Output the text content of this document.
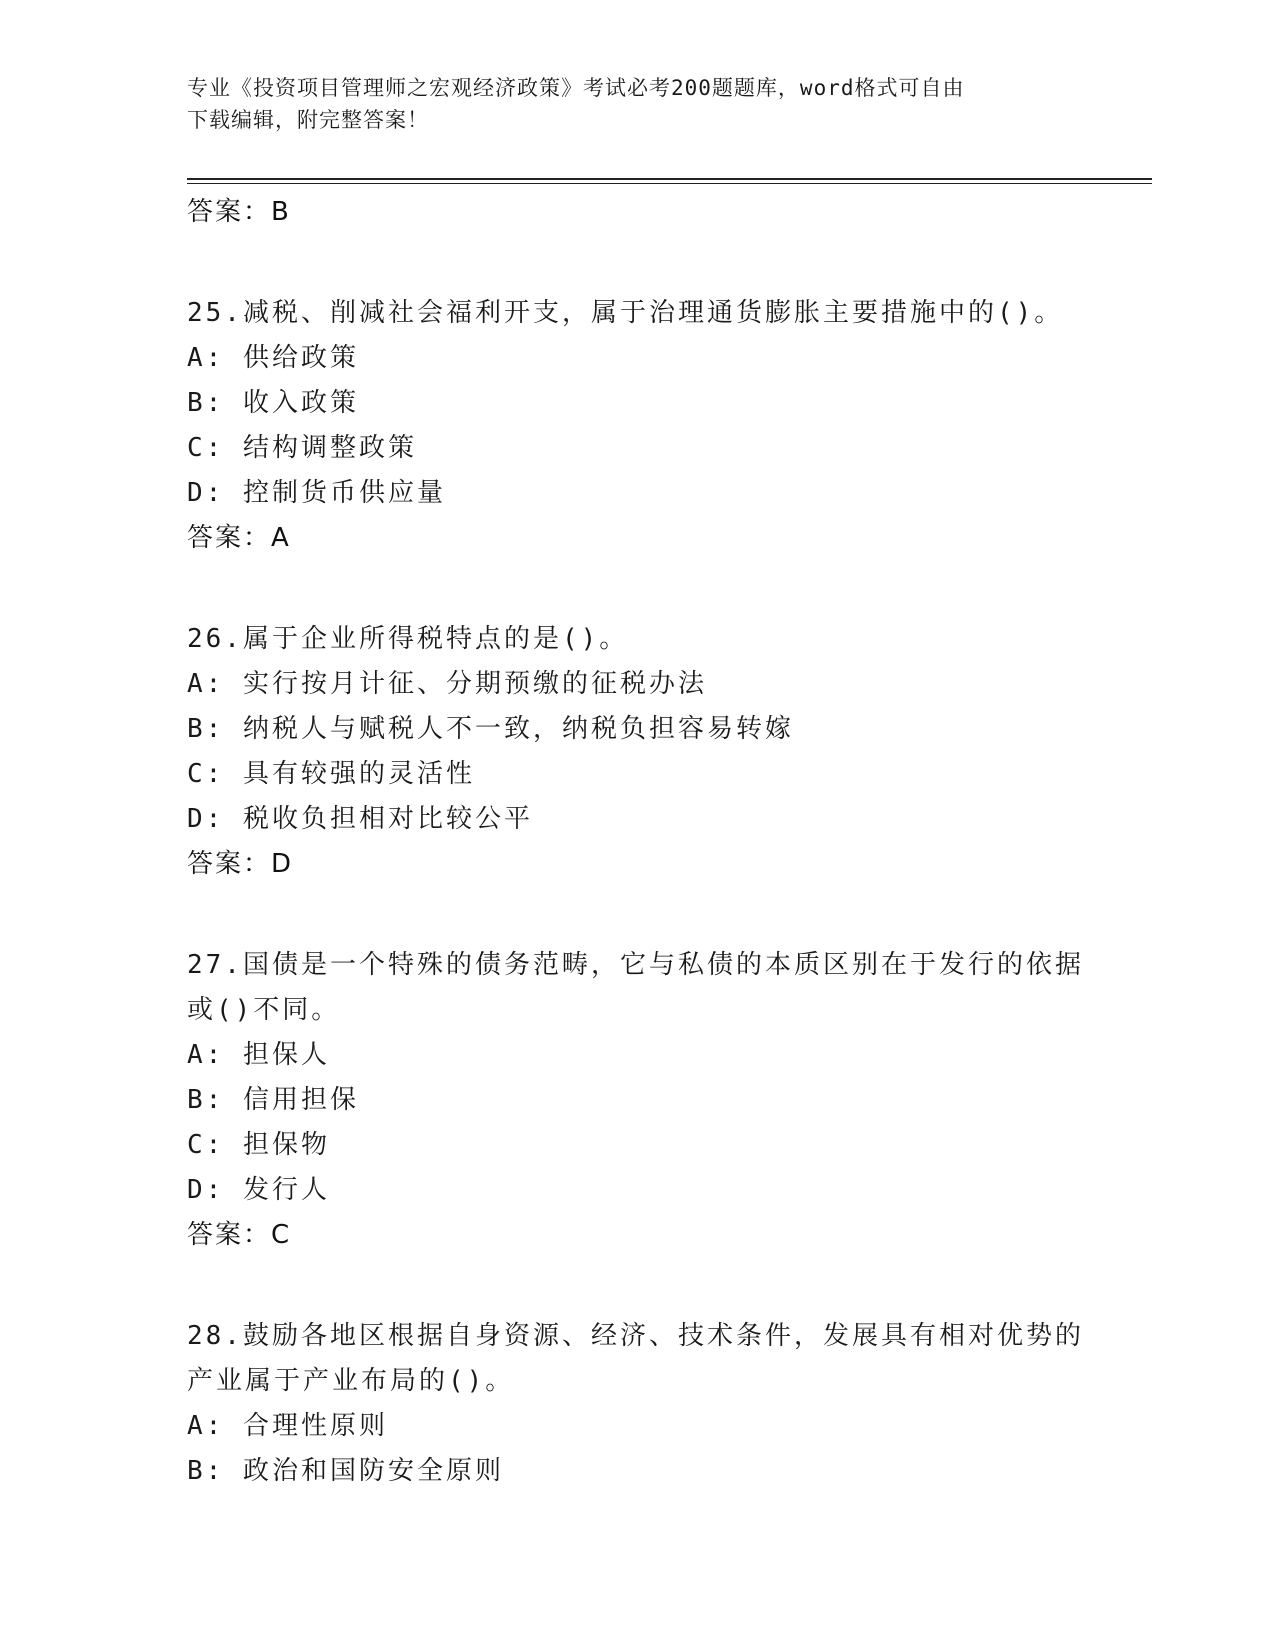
专业《投资项目管理师之宏观经济政策》考试必考200题题库，word格式可自由
下载编辑，附完整答案！
答案：B
25.减税、削减社会福利开支，属于治理通货膨胀主要措施中的()。
A: 供给政策
B: 收入政策
C: 结构调整政策
D: 控制货币供应量
答案：A
26.属于企业所得税特点的是()。
A: 实行按月计征、分期预缴的征税办法
B: 纳税人与赋税人不一致，纳税负担容易转嫁
C: 具有较强的灵活性
D: 税收负担相对比较公平
答案：D
27.国债是一个特殊的债务范畴，它与私债的本质区别在于发行的依据
或()不同。
A: 担保人
B: 信用担保
C: 担保物
D: 发行人
答案：C
28.鼓励各地区根据自身资源、经济、技术条件，发展具有相对优势的
产业属于产业布局的()。
A: 合理性原则
B: 政治和国防安全原则
